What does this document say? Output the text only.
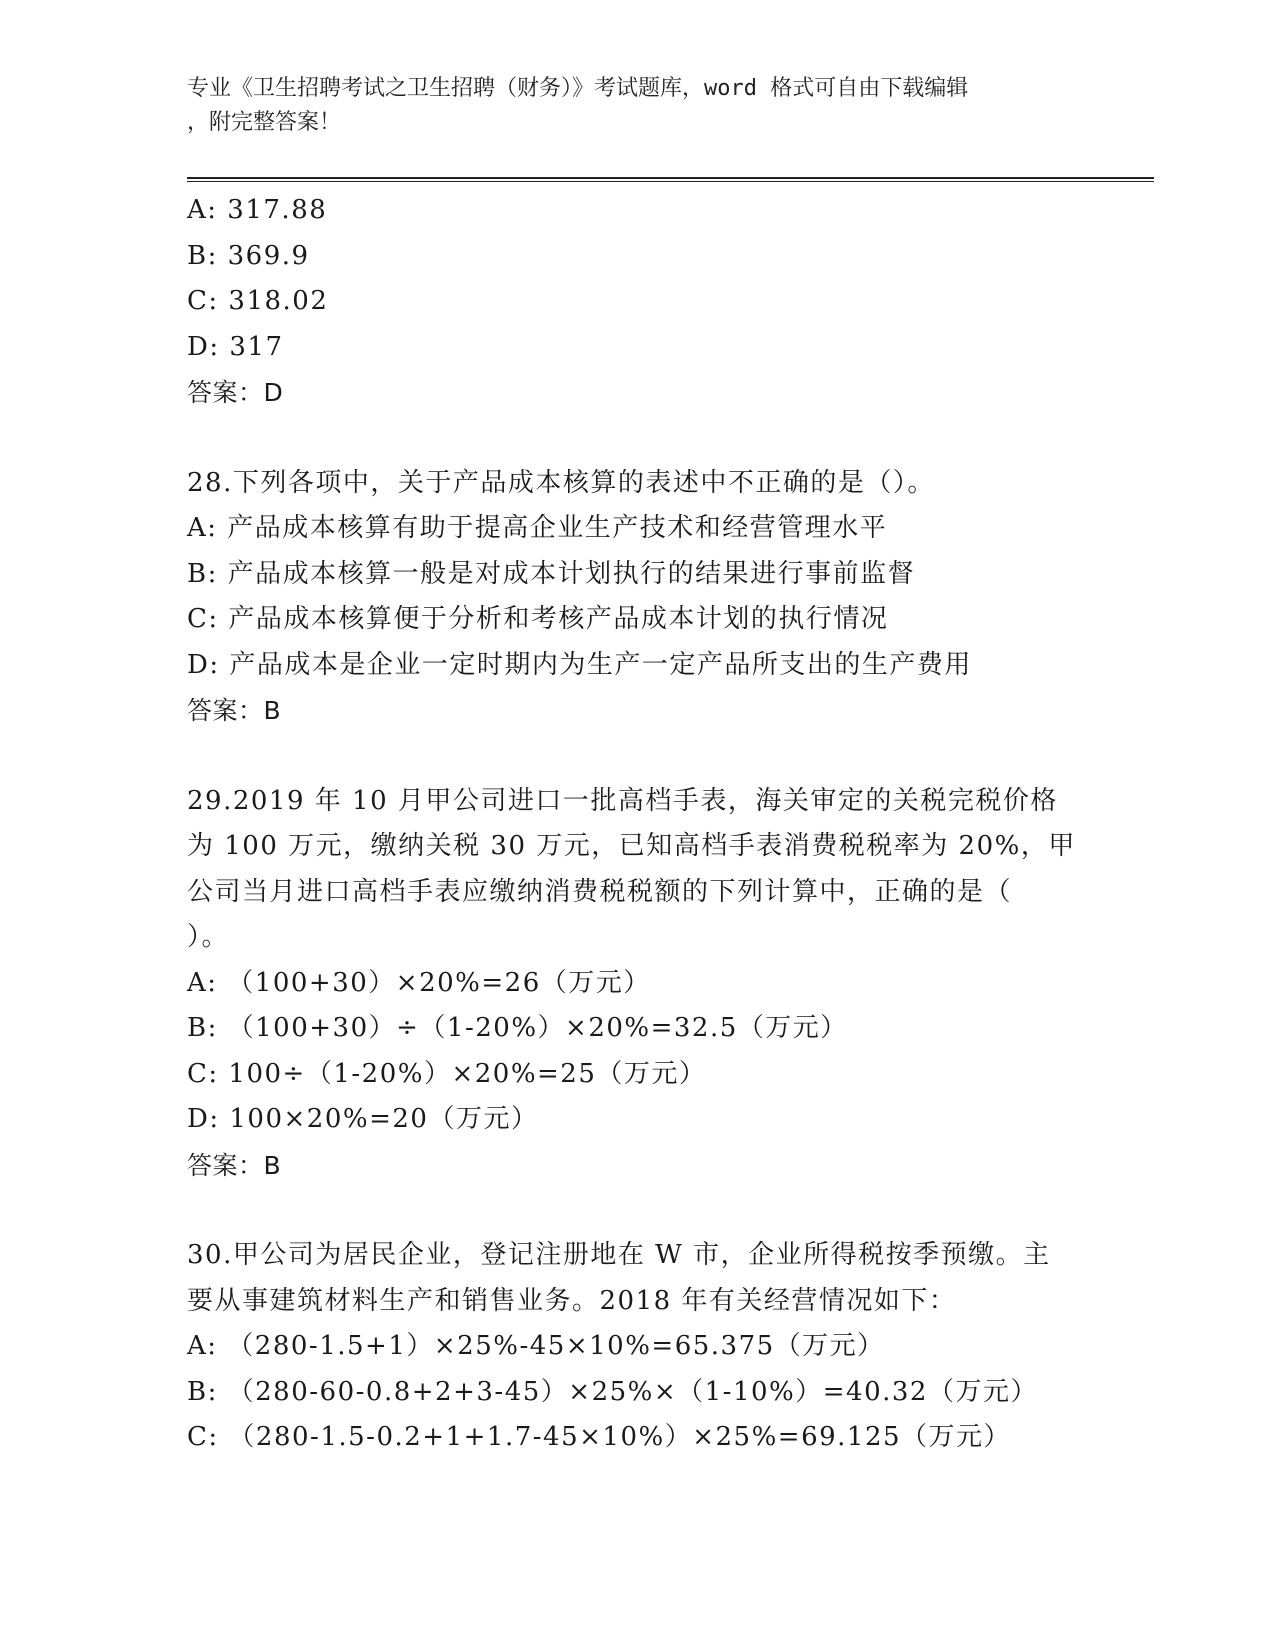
专业《卫生招聘考试之卫生招聘（财务）》考试题库，word 格式可自由下载编辑
，附完整答案！
A: 317.88
B: 369.9
C: 318.02
D: 317
答案：D
28.下列各项中，关于产品成本核算的表述中不正确的是（）。
A: 产品成本核算有助于提高企业生产技术和经营管理水平
B: 产品成本核算一般是对成本计划执行的结果进行事前监督
C: 产品成本核算便于分析和考核产品成本计划的执行情况
D: 产品成本是企业一定时期内为生产一定产品所支出的生产费用
答案：B
29.2019 年 10 月甲公司进口一批高档手表，海关审定的关税完税价格
为 100 万元，缴纳关税 30 万元，已知高档手表消费税税率为 20%，甲
公司当月进口高档手表应缴纳消费税税额的下列计算中，正确的是（
）。
A: （100+30）×20%=26（万元）
B: （100+30）÷（1-20%）×20%=32.5（万元）
C: 100÷（1-20%）×20%=25（万元）
D: 100×20%=20（万元）
答案：B
30.甲公司为居民企业，登记注册地在 W 市，企业所得税按季预缴。主
要从事建筑材料生产和销售业务。2018 年有关经营情况如下：
A: （280-1.5+1）×25%-45×10%=65.375（万元）
B: （280-60-0.8+2+3-45）×25%×（1-10%）=40.32（万元）
C: （280-1.5-0.2+1+1.7-45×10%）×25%=69.125（万元）
